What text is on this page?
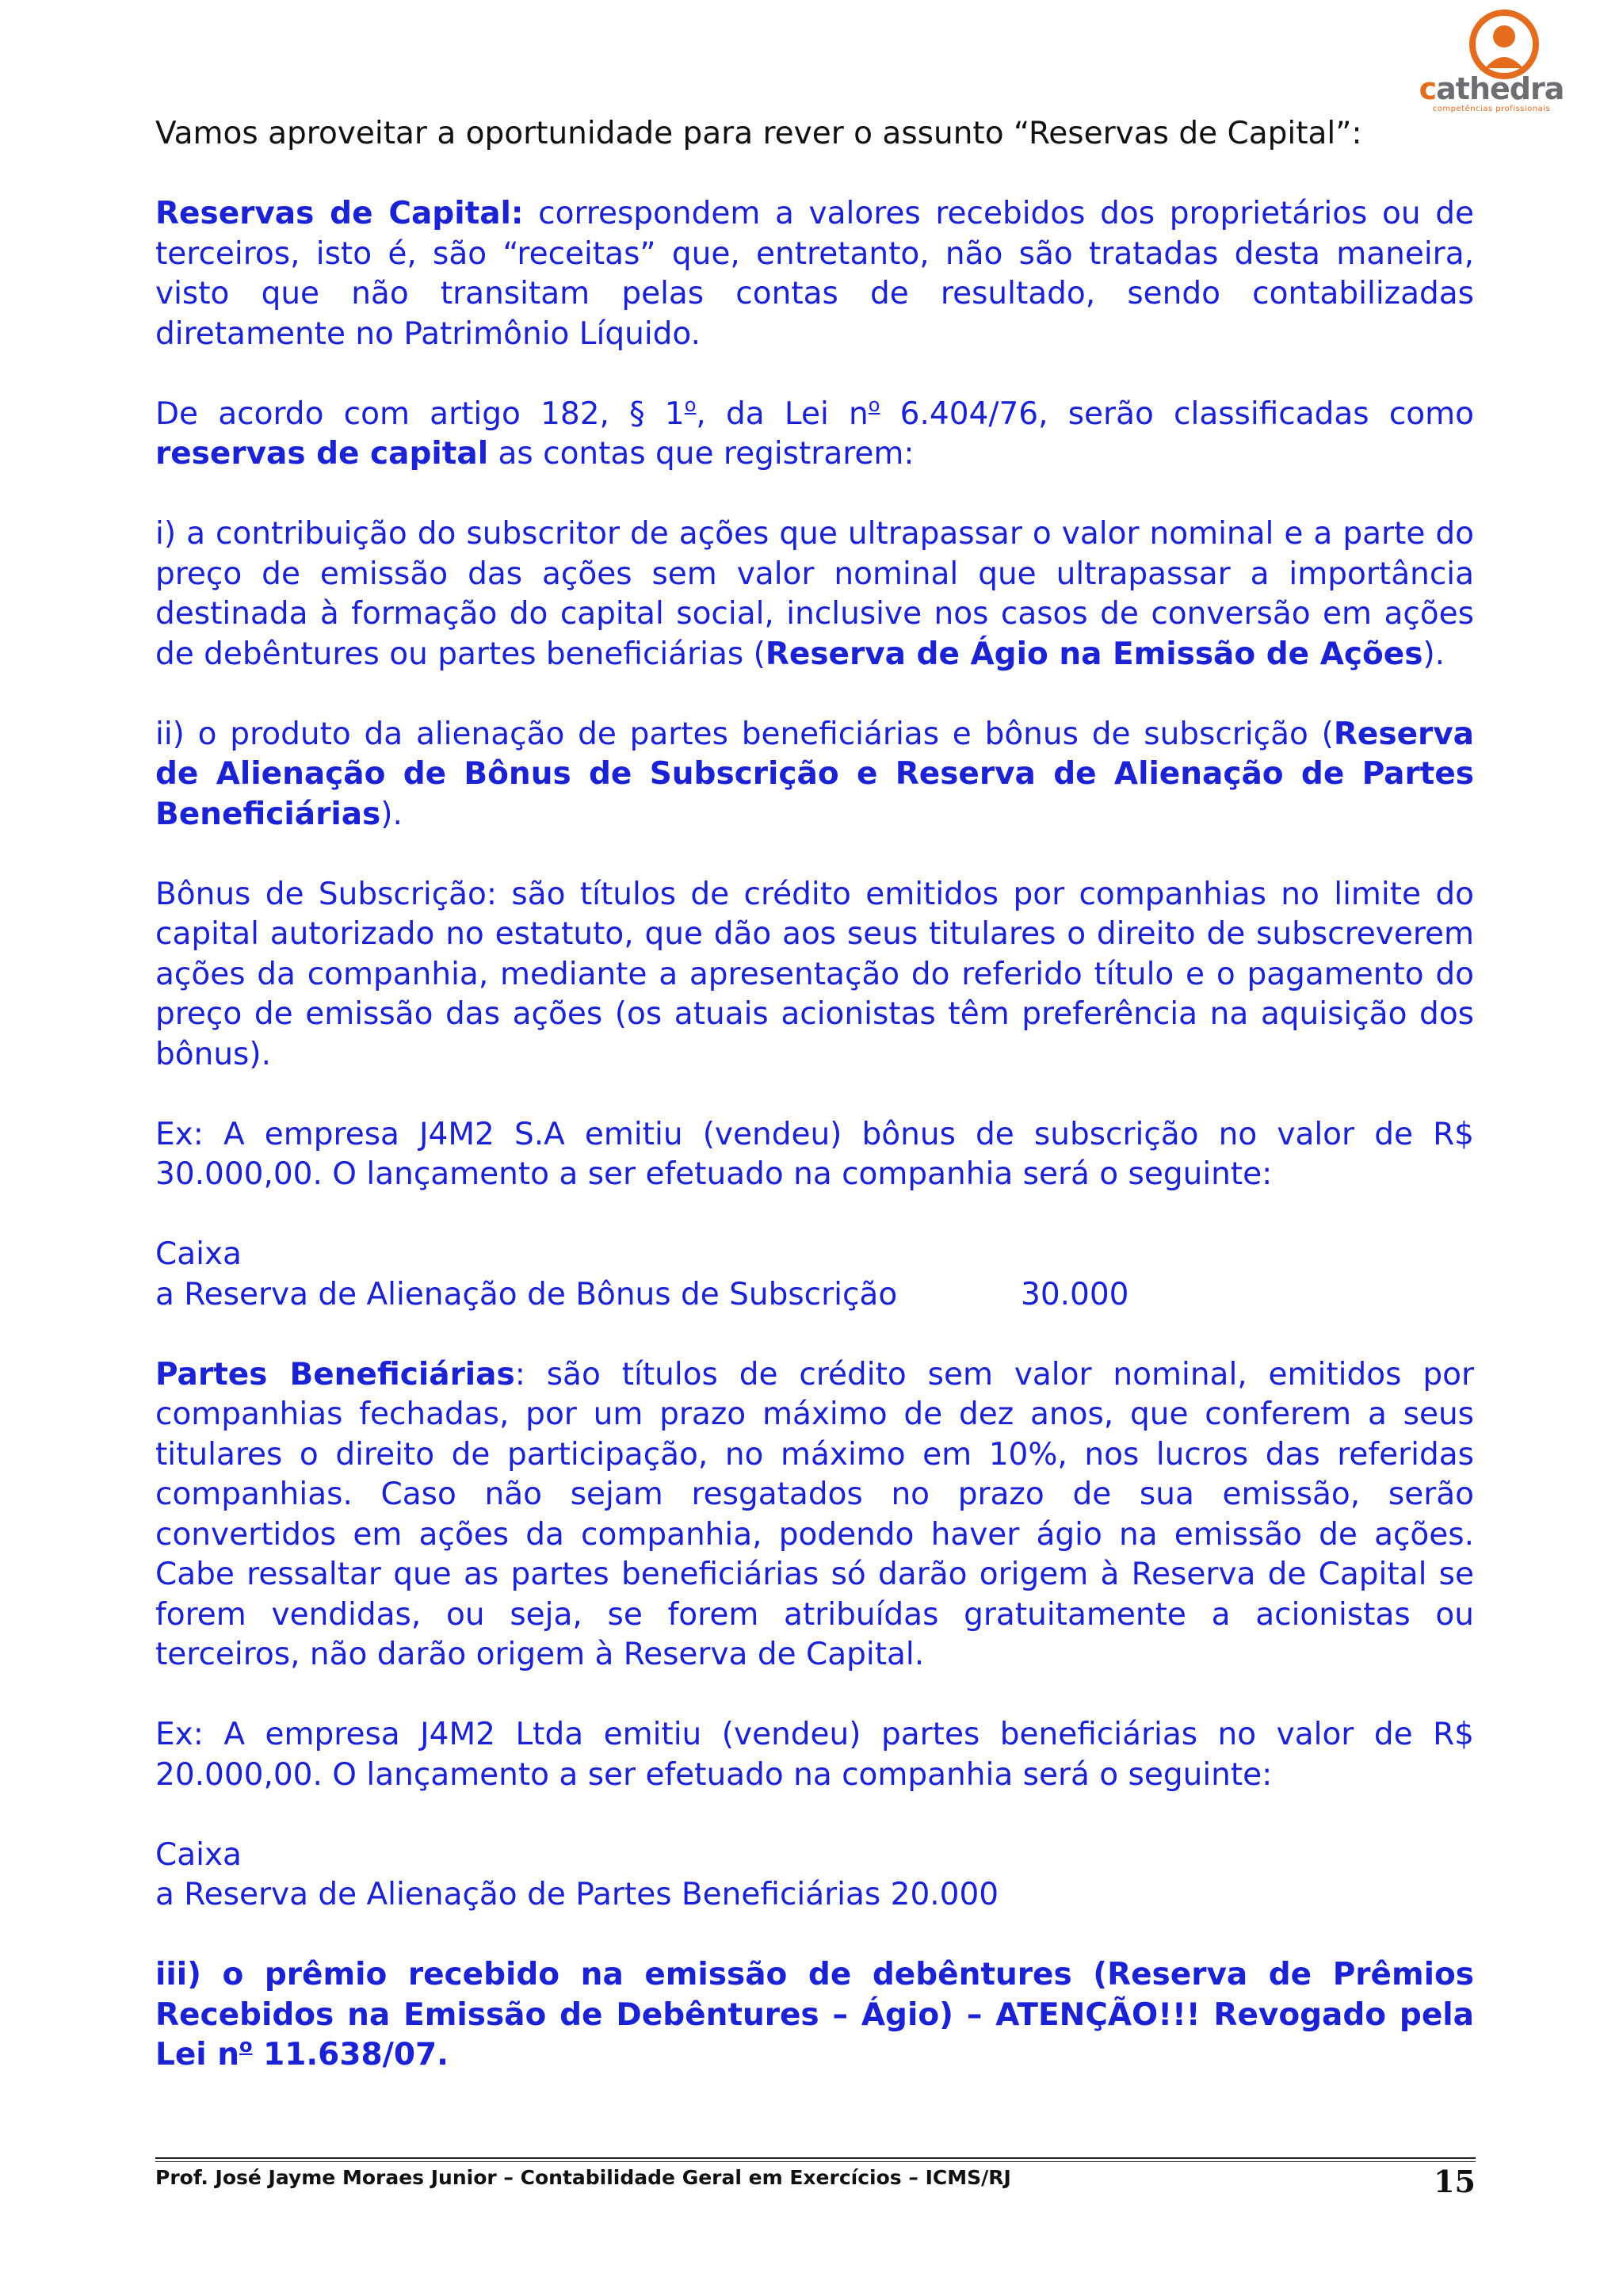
cathedra
competências profissionais

Vamos aproveitar a oportunidade para rever o assunto “Reservas de Capital”:

Reservas de Capital: correspondem a valores recebidos dos proprietários ou de terceiros, isto é, são “receitas” que, entretanto, não são tratadas desta maneira, visto que não transitam pelas contas de resultado, sendo contabilizadas diretamente no Patrimônio Líquido.

De acordo com artigo 182, § 1$^o$, da Lei $n^o$ 6.404/76, serão classificadas como reservas de capital as contas que registrarem:

i) a contribuição do subscritor de ações que ultrapassar o valor nominal e a parte do preço de emissão das ações sem valor nominal que ultrapassar a importância destinada à formação do capital social, inclusive nos casos de conversão em ações de debêntures ou partes beneficiárias (Reserva de Ágio na Emissão de Ações).

ii) o produto da alienação de partes beneficiárias e bônus de subscrição (Reserva de Alienação de Bônus de Subscrição e Reserva de Alienação de Partes Beneficiárias).

Bônus de Subscrição: são títulos de crédito emitidos por companhias no limite do capital autorizado no estatuto, que dão aos seus titulares o direito de subscreverem ações da companhia, mediante a apresentação do referido título e o pagamento do preço de emissão das ações (os atuais acionistas têm preferência na aquisição dos bônus).

Ex: A empresa J4M2 S.A emitiu (vendeu) bônus de subscrição no valor de R$ 30.000,00. O lançamento a ser efetuado na companhia será o seguinte:

Caixa

a Reserva de Alienação de Bônus de Subscrição	30.000

Partes Beneficiárias: são títulos de crédito sem valor nominal, emitidos por companhias fechadas, por um prazo máximo de dez anos, que conferem a seus titulares o direito de participação, no máximo em 10%, nos lucros das referidas companhias. Caso não sejam resgatados no prazo de sua emissão, serão convertidos em ações da companhia, podendo haver ágio na emissão de ações. Cabe ressaltar que as partes beneficiárias só darão origem à Reserva de Capital se forem vendidas, ou seja, se forem atribuídas gratuitamente a acionistas ou terceiros, não darão origem à Reserva de Capital.

Ex: A empresa J4M2 Ltda emitiu (vendeu) partes beneficiárias no valor de R$ 20.000,00. O lançamento a ser efetuado na companhia será o seguinte:

Caixa
a Reserva de Alienação de Partes Beneficiárias 20.000

iii) o prêmio recebido na emissão de debêntures (Reserva de Prêmios Recebidos na Emissão de Debêntures – Ágio) – ATENÇÃO!!! Revogado pela Lei $n^o$ 11.638/07.

Prof. José Jayme Moraes Junior – Contabilidade Geral em Exercícios – ICMS/RJ	15
